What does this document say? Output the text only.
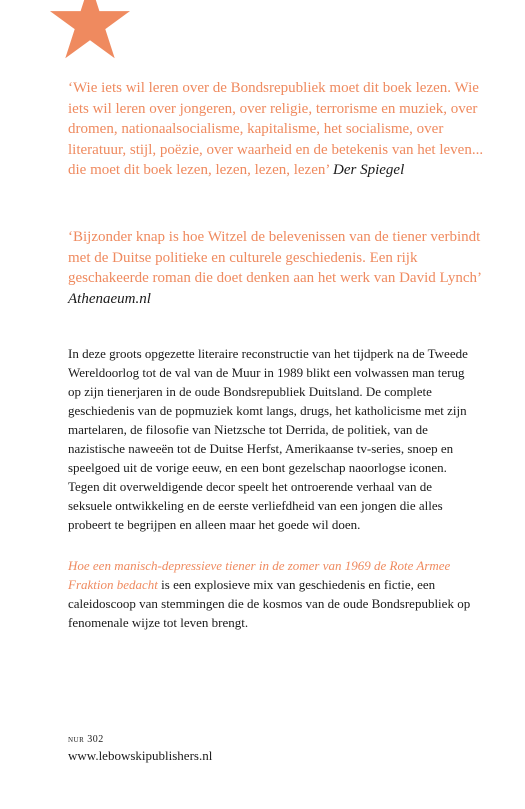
‘Wie iets wil leren over de Bondsrepubliek moet dit boek lezen. Wie iets wil leren over jongeren, over religie, terrorisme en muziek, over dromen, nationaalsocialisme, kapitalisme, het socialisme, over literatuur, stijl, poëzie, over waarheid en de betekenis van het leven... die moet dit boek lezen, lezen, lezen, lezen’ Der Spiegel

‘Bijzonder knap is hoe Witzel de belevenissen van de tiener verbindt met de Duitse politieke en culturele geschiedenis. Een rijk geschakeerde roman die doet denken aan het werk van David Lynch’ Athenaeum.nl

In deze groots opgezette literaire reconstructie van het tijdperk na de Tweede Wereldoorlog tot de val van de Muur in 1989 blikt een volwassen man terug op zijn tienerjaren in de oude Bondsrepubliek Duitsland. De complete geschiedenis van de popmuziek komt langs, drugs, het katholicisme met zijn martelaren, de filosofie van Nietzsche tot Derrida, de politiek, van de nazistische naweeën tot de Duitse Herfst, Amerikaanse tv-series, snoep en speelgoed uit de vorige eeuw, en een bont gezelschap naoorlogse iconen. Tegen dit overweldigende decor speelt het ontroerende verhaal van de seksuele ontwikkeling en de eerste verliefdheid van een jongen die alles probeert te begrijpen en alleen maar het goede wil doen.

Hoe een manisch-depressieve tiener in de zomer van 1969 de Rote Armee Fraktion bedacht is een explosieve mix van geschiedenis en fictie, een caleidoscoop van stemmingen die de kosmos van de oude Bondsrepubliek op fenomenale wijze tot leven brengt.

nur 302

www.lebowskipublishers.nl
